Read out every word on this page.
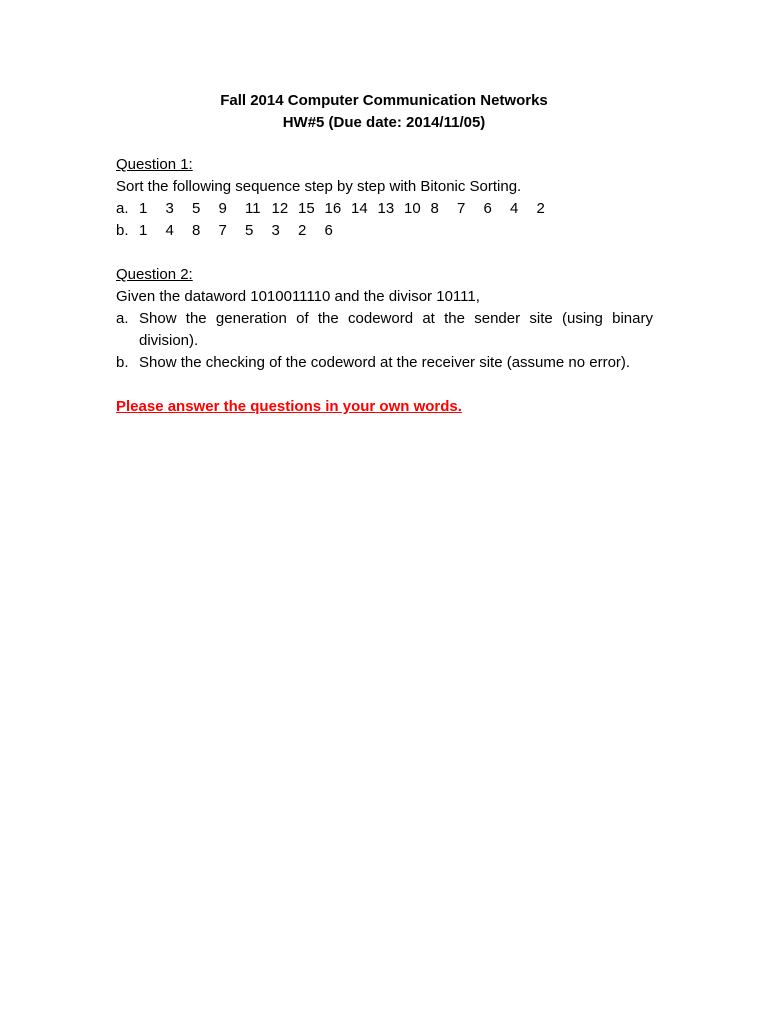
Fall 2014 Computer Communication Networks
HW#5 (Due date: 2014/11/05)

Question 1:

Sort the following sequence step by step with Bitonic Sorting.

a. 1	3	5	9	11 12 15 16 14 13 10 8	7	6	4	2
b. 1	4	8	7	5	3	2	6

Question 2:

Given the dataword 1010011110 and the divisor 10111,

a. Show the generation of the codeword at the sender site (using binary division).
b. Show the checking of the codeword at the receiver site (assume no error).

Please answer the questions in your own words.
